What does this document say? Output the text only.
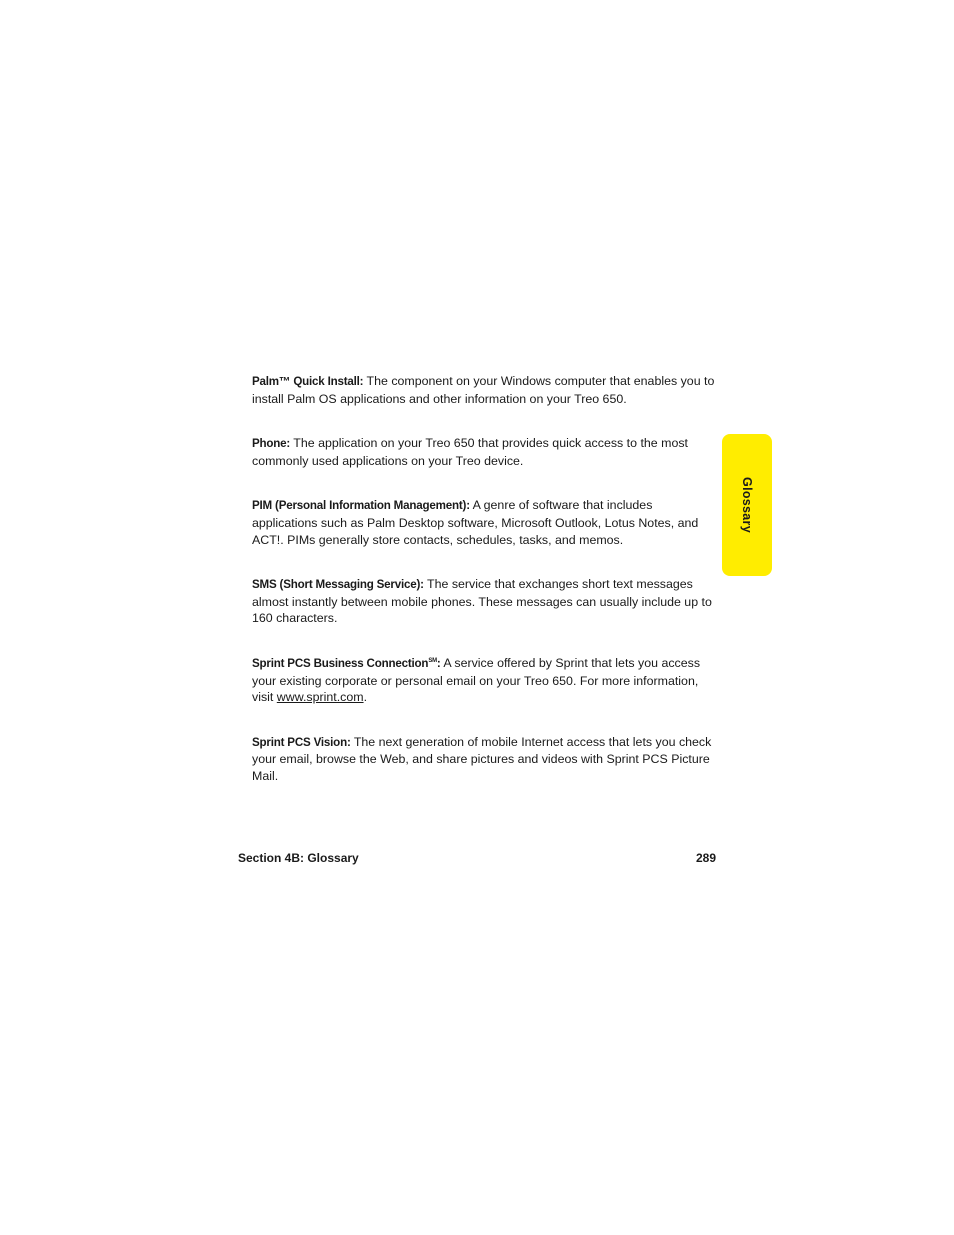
Glossary

Palm™ Quick Install: The component on your Windows computer that enables you to install Palm OS applications and other information on your Treo 650.

Phone: The application on your Treo 650 that provides quick access to the most commonly used applications on your Treo device.

PIM (Personal Information Management): A genre of software that includes applications such as Palm Desktop software, Microsoft Outlook, Lotus Notes, and ACT!. PIMs generally store contacts, schedules, tasks, and memos.

SMS (Short Messaging Service): The service that exchanges short text messages almost instantly between mobile phones. These messages can usually include up to 160 characters.

Sprint PCS Business Connection℠: A service offered by Sprint that lets you access your existing corporate or personal email on your Treo 650. For more information, visit www.sprint.com.

Sprint PCS Vision: The next generation of mobile Internet access that lets you check your email, browse the Web, and share pictures and videos with Sprint PCS Picture Mail.

Section 4B: Glossary	289
